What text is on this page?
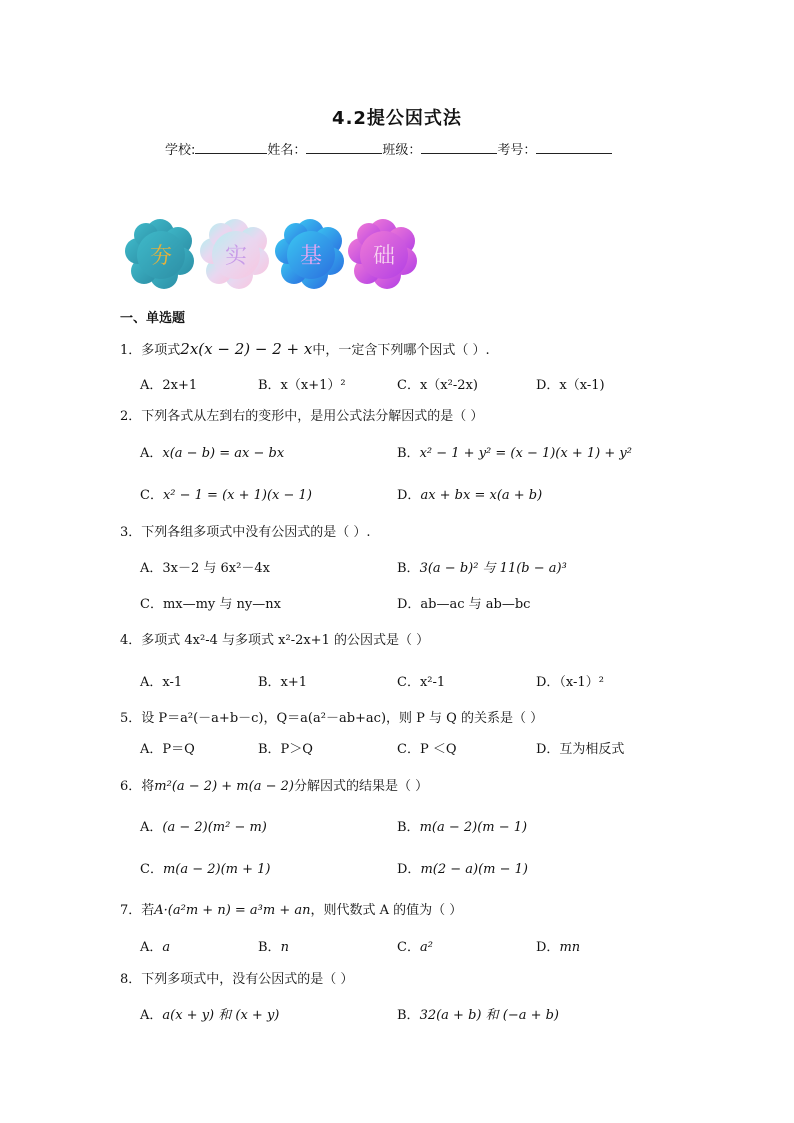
4.2提公因式法
学校:	姓名：	班级：	考号：
夯 实 基 础
一、单选题
1．多项式2x(x − 2) − 2 + x中，一定含下列哪个因式（ ）.
A．2x+1	B．x（x+1）²	C．x（x²-2x)	D．x（x-1)
2．下列各式从左到右的变形中，是用公式法分解因式的是（ ）
A．x(a − b) = ax − bx	B．x² − 1 + y² = (x − 1)(x + 1) + y²
C．x² − 1 = (x + 1)(x − 1)	D．ax + bx = x(a + b)
3．下列各组多项式中没有公因式的是（ ）.
A．3x－2 与 6x²－4x	B．3(a − b)² 与 11(b − a)³
C．mx—my 与 ny—nx	D．ab—ac 与 ab—bc
4．多项式 4x²-4 与多项式 x²-2x+1 的公因式是（ ）
A．x-1	B．x+1	C．x²-1	D．（x-1）²
5．设 P＝a²(－a+b－c)，Q＝a(a²－ab+ac)，则 P 与 Q 的关系是（ ）
A．P＝Q	B．P＞Q	C．P ＜Q	D．互为相反式
6．将m²(a − 2) + m(a − 2)分解因式的结果是（ ）
A．(a − 2)(m² − m)	B．m(a − 2)(m − 1)
C．m(a − 2)(m + 1)	D．m(2 − a)(m − 1)
7．若A·(a²m + n) = a³m + an，则代数式 A 的值为（ ）
A．a	B．n	C．a²	D．mn
8．下列多项式中，没有公因式的是（ ）
A．a(x + y) 和 (x + y)	B．32(a + b) 和 (−a + b)
